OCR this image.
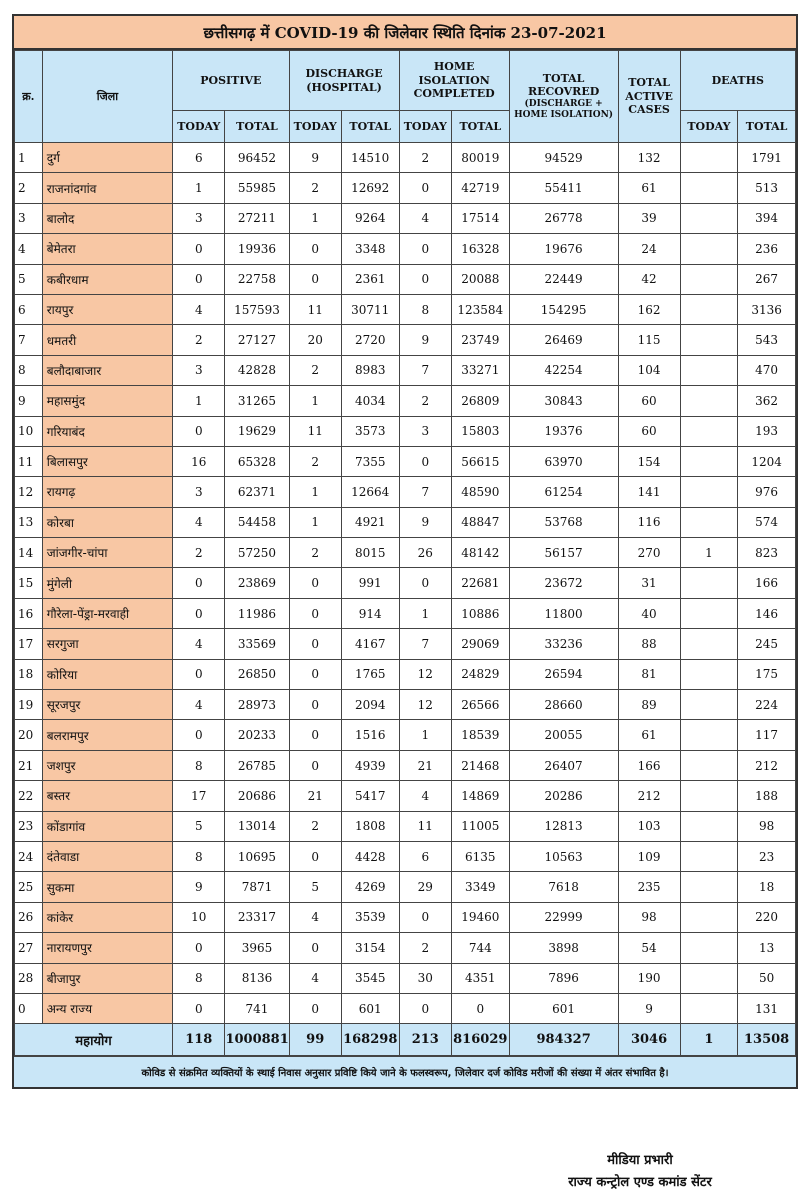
छत्तीसगढ़ में COVID-19 की जिलेवार स्थिति दिनांक 23-07-2021
क्र.	जिला	POSITIVE		DISCHARGE (HOSPITAL)		HOME ISOLATION COMPLETED		TOTAL RECOVRED
(DISCHARGE + HOME ISOLATION)	TOTAL ACTIVE CASES	DEATHS	
		TODAY	TOTAL	TODAY	TOTAL	TODAY	TOTAL			TODAY	TOTAL
1	दुर्ग	6	96452	9	14510	2	80019	94529	132		1791
2	राजनांदगांव	1	55985	2	12692	0	42719	55411	61		513
3	बालोद	3	27211	1	9264	4	17514	26778	39		394
4	बेमेतरा	0	19936	0	3348	0	16328	19676	24		236
5	कबीरधाम	0	22758	0	2361	0	20088	22449	42		267
6	रायपुर	4	157593	11	30711	8	123584	154295	162		3136
7	धमतरी	2	27127	20	2720	9	23749	26469	115		543
8	बलौदाबाजार	3	42828	2	8983	7	33271	42254	104		470
9	महासमुंद	1	31265	1	4034	2	26809	30843	60		362
10	गरियाबंद	0	19629	11	3573	3	15803	19376	60		193
11	बिलासपुर	16	65328	2	7355	0	56615	63970	154		1204
12	रायगढ़	3	62371	1	12664	7	48590	61254	141		976
13	कोरबा	4	54458	1	4921	9	48847	53768	116		574
14	जांजगीर-चांपा	2	57250	2	8015	26	48142	56157	270	1	823
15	मुंगेली	0	23869	0	991	0	22681	23672	31		166
16	गौरेला-पेंड्रा-मरवाही	0	11986	0	914	1	10886	11800	40		146
17	सरगुजा	4	33569	0	4167	7	29069	33236	88		245
18	कोरिया	0	26850	0	1765	12	24829	26594	81		175
19	सूरजपुर	4	28973	0	2094	12	26566	28660	89		224
20	बलरामपुर	0	20233	0	1516	1	18539	20055	61		117
21	जशपुर	8	26785	0	4939	21	21468	26407	166		212
22	बस्तर	17	20686	21	5417	4	14869	20286	212		188
23	कोंडागांव	5	13014	2	1808	11	11005	12813	103		98
24	दंतेवाडा	8	10695	0	4428	6	6135	10563	109		23
25	सुकमा	9	7871	5	4269	29	3349	7618	235		18
26	कांकेर	10	23317	4	3539	0	19460	22999	98		220
27	नारायणपुर	0	3965	0	3154	2	744	3898	54		13
28	बीजापुर	8	8136	4	3545	30	4351	7896	190		50
0	अन्य राज्य	0	741	0	601	0	0	601	9		131
महायोग		118	1000881	99	168298	213	816029	984327	3046	1	13508
कोविड से संक्रमित व्यक्तियों के स्थाई निवास अनुसार प्रविष्टि किये जाने के फलस्वरूप, जिलेवार दर्ज कोविड मरीजों की संख्या में अंतर संभावित है।
मीडिया प्रभारी
राज्य कन्ट्रोल एण्ड कमांड सेंटर
